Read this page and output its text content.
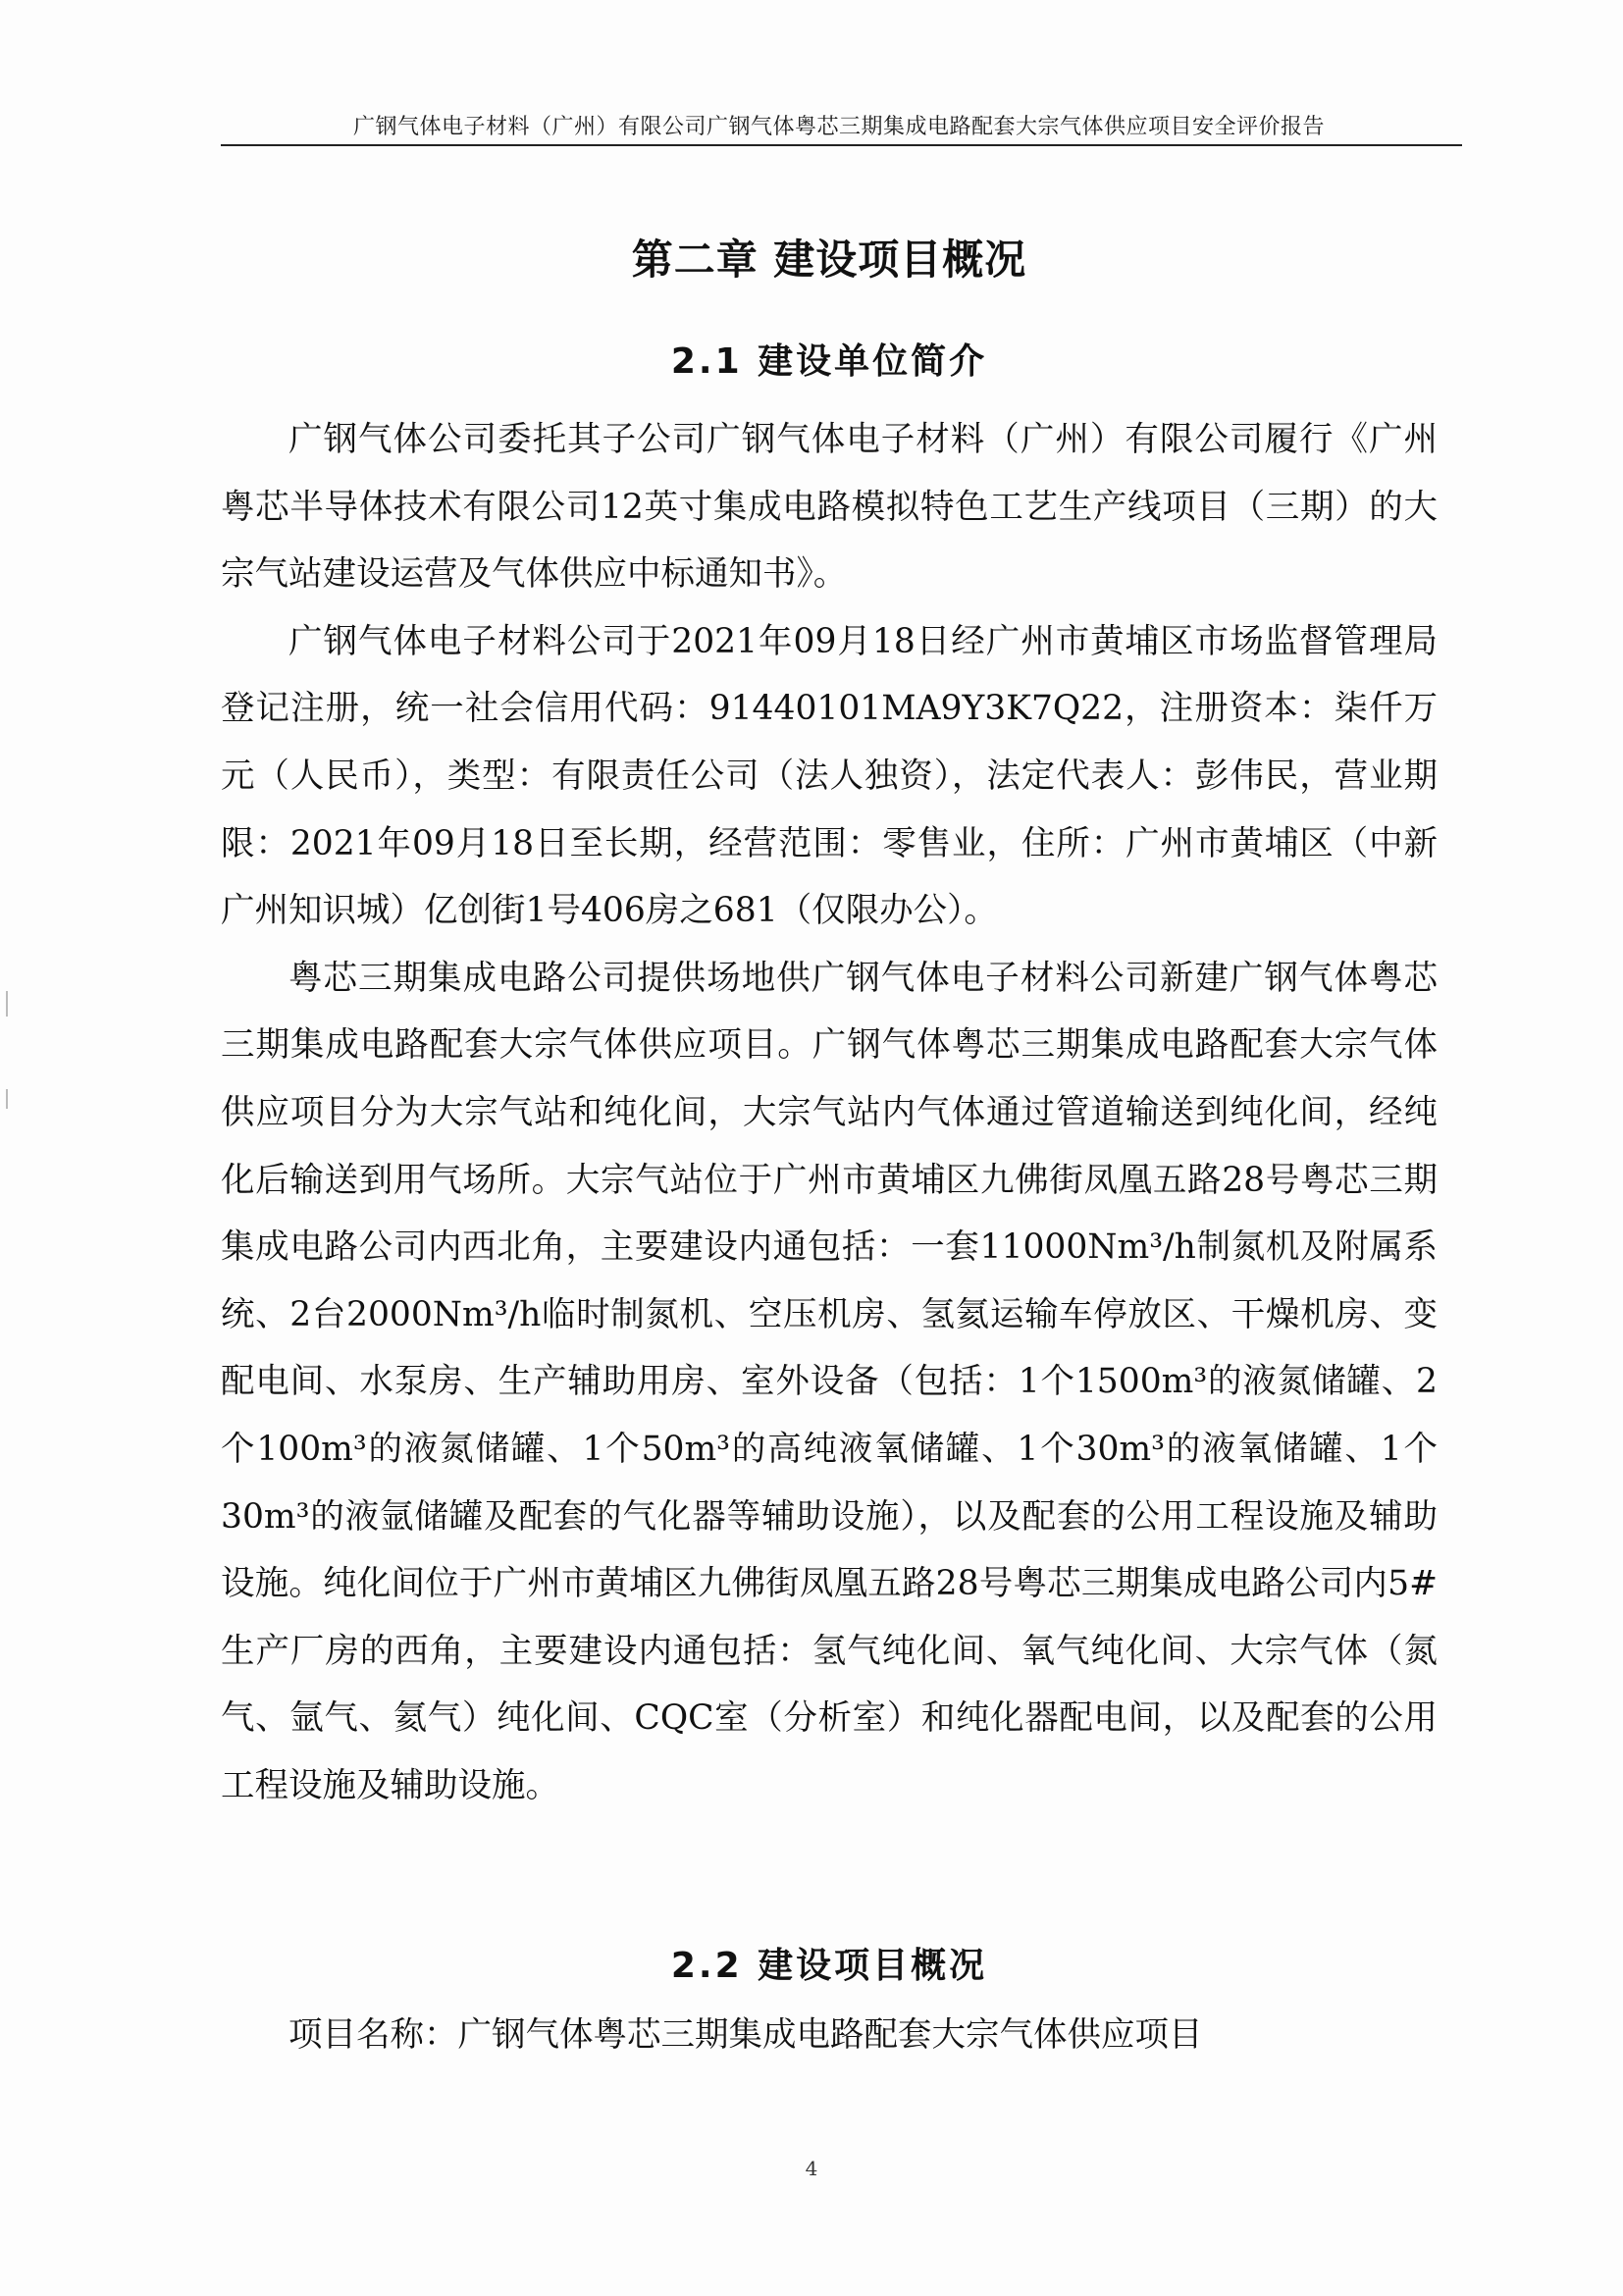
广钢气体电子材料（广州）有限公司广钢气体粤芯三期集成电路配套大宗气体供应项目安全评价报告
第二章 建设项目概况
2.1 建设单位简介

广钢气体公司委托其子公司广钢气体电子材料（广州）有限公司履行《广州粤芯半导体技术有限公司12英寸集成电路模拟特色工艺生产线项目（三期）的大宗气站建设运营及气体供应中标通知书》。

广钢气体电子材料公司于2021年09月18日经广州市黄埔区市场监督管理局登记注册，统一社会信用代码：91440101MA9Y3K7Q22，注册资本：柒仟万元（人民币），类型：有限责任公司（法人独资），法定代表人：彭伟民，营业期限：2021年09月18日至长期，经营范围：零售业，住所：广州市黄埔区（中新广州知识城）亿创街1号406房之681（仅限办公）。

粤芯三期集成电路公司提供场地供广钢气体电子材料公司新建广钢气体粤芯三期集成电路配套大宗气体供应项目。广钢气体粤芯三期集成电路配套大宗气体供应项目分为大宗气站和纯化间，大宗气站内气体通过管道输送到纯化间，经纯化后输送到用气场所。大宗气站位于广州市黄埔区九佛街凤凰五路28号粤芯三期集成电路公司内西北角，主要建设内通包括：一套11000Nm³/h制氮机及附属系统、2台2000Nm³/h临时制氮机、空压机房、氢氦运输车停放区、干燥机房、变配电间、水泵房、生产辅助用房、室外设备（包括：1个1500m³的液氮储罐、2个100m³的液氮储罐、1个50m³的高纯液氧储罐、1个30m³的液氧储罐、1个30m³的液氩储罐及配套的气化器等辅助设施），以及配套的公用工程设施及辅助设施。纯化间位于广州市黄埔区九佛街凤凰五路28号粤芯三期集成电路公司内5#生产厂房的西角，主要建设内通包括：氢气纯化间、氧气纯化间、大宗气体（氮气、氩气、氦气）纯化间、CQC室（分析室）和纯化器配电间，以及配套的公用工程设施及辅助设施。

2.2 建设项目概况

项目名称：广钢气体粤芯三期集成电路配套大宗气体供应项目

4
